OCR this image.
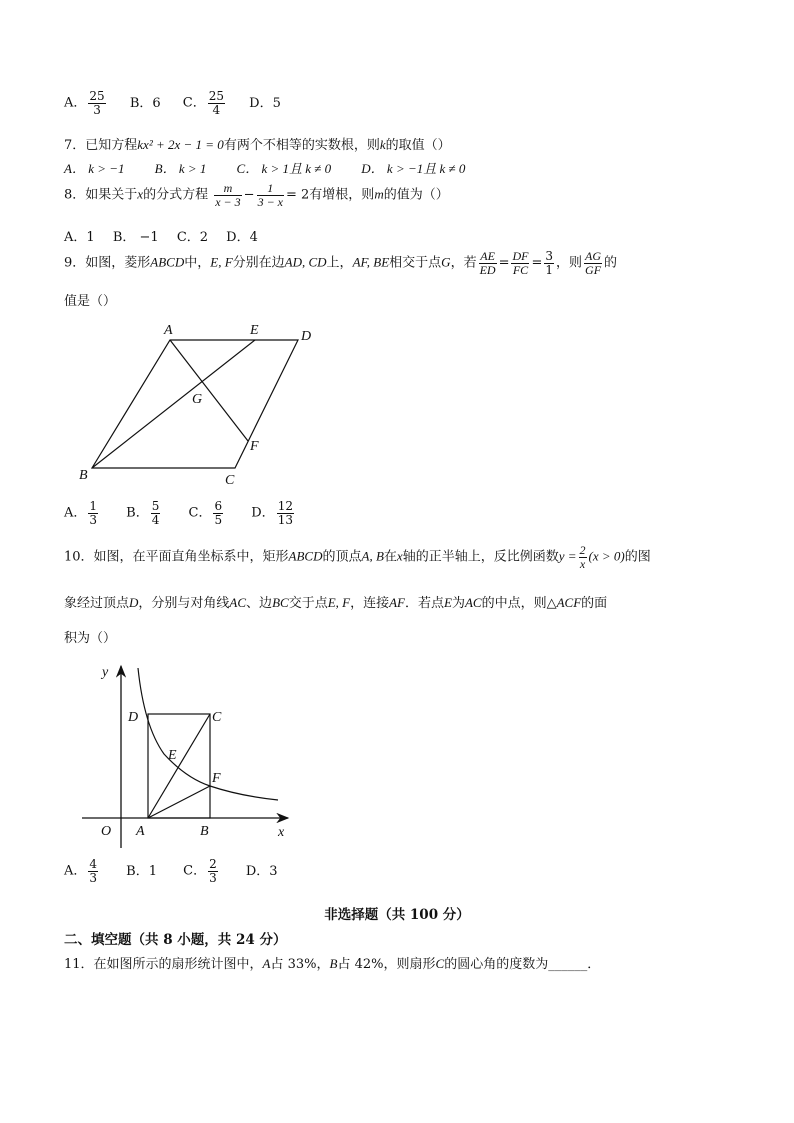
A． $\frac{25}{3}$ B．6 C． $\frac{25}{4}$ D．5
7．已知方程kx² + 2x − 1 = 0有两个不相等的实数根，则k的取值（）
A． k > −1 B． k > 1 C． k > 1且 k ≠ 0 D． k > −1且 k ≠ 0
8．如果关于x的分式方程 $\frac{m}{x - 3} - \frac{1}{3 - x} = 2$有增根，则m的值为（）
A．1 B． −1 C．2 D．4
9．如图，菱形ABCD中，E, F分别在边AD, CD上，AF, BE相交于点G，若 $\frac{AE}{ED} = \frac{DF}{FC} = \frac{3}{1}$ ，则 $\frac{AG}{GF}$ 的
值是（）
A	E	D
G
F
B	C
A． $\frac{1}{3}$ B． $\frac{5}{4}$ C． $\frac{6}{5}$ D． $\frac{12}{13}$
10．如图，在平面直角坐标系中，矩形ABCD的顶点A, B在x轴的正半轴上，反比例函数$y = \frac{2}{x} (x > 0)$的图
象经过顶点D，分别与对角线AC、边BC交于点E, F，连接AF．若点E为AC的中点，则△ACF的面
积为（）
y
x
O A	B
C
D
E
F
A． $\frac{4}{3}$ B．1 C． $\frac{2}{3}$ D．3
非选择题（共 100 分）
二、填空题（共 8 小题，共 24 分）
11．在如图所示的扇形统计图中，A占 33%，B占 42%，则扇形C的圆心角的度数为______．
